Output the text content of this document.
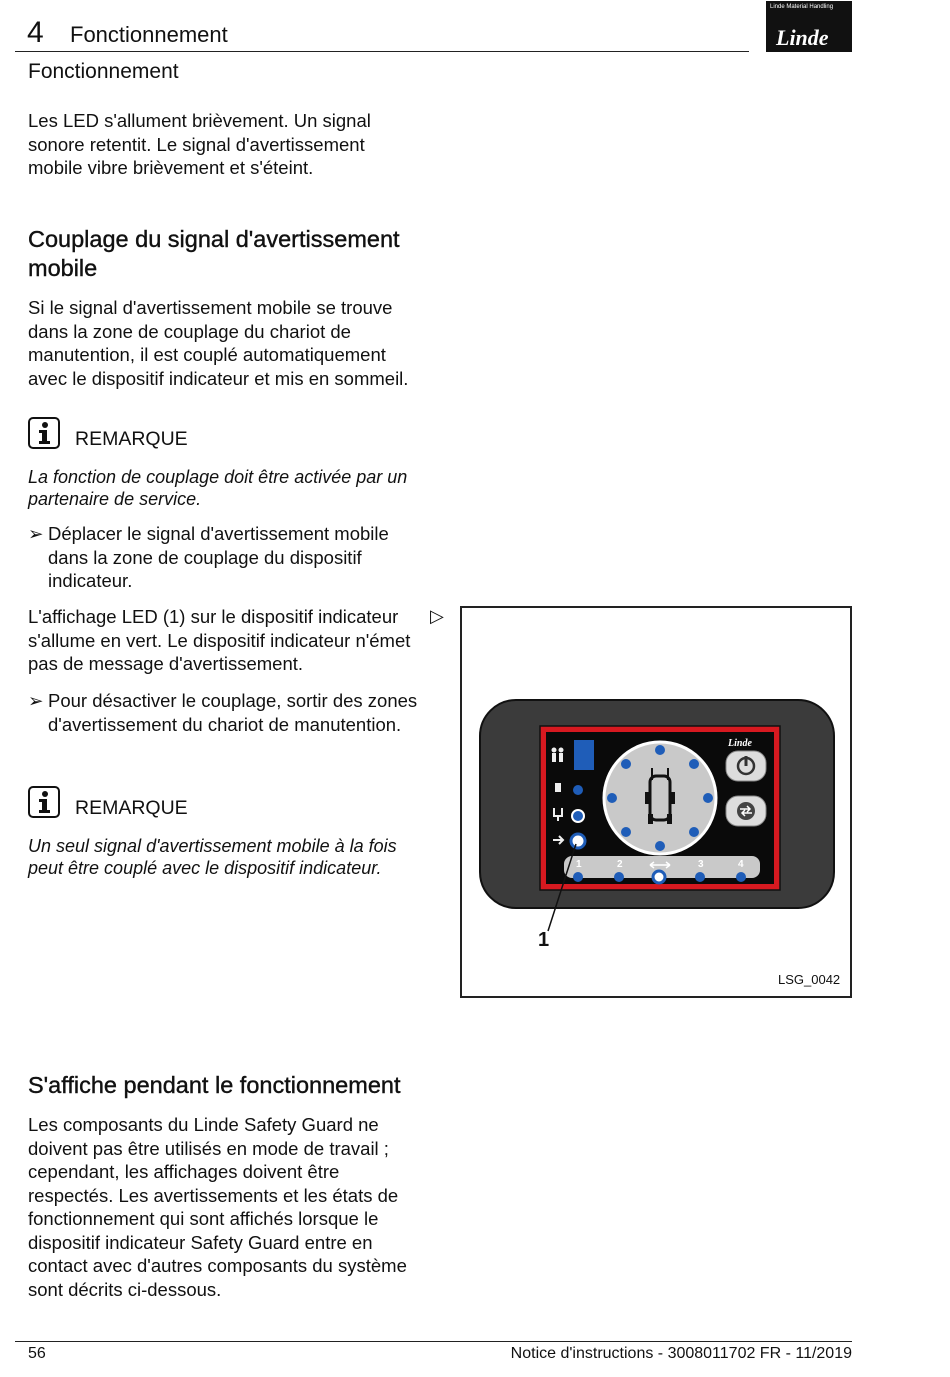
4 Fonctionnement
Linde Material Handling
Linde
Fonctionnement

Les LED s'allument brièvement. Un signal sonore retentit. Le signal d'avertissement mobile vibre brièvement et s'éteint.

Couplage du signal d'avertissement mobile

Si le signal d'avertissement mobile se trouve dans la zone de couplage du chariot de manutention, il est couplé automatiquement avec le dispositif indicateur et mis en sommeil.

REMARQUE

La fonction de couplage doit être activée par un partenaire de service.

➢ Déplacer le signal d'avertissement mobile dans la zone de couplage du dispositif indicateur.

L'affichage LED (1) sur le dispositif indicateur s'allume en vert. Le dispositif indicateur n'émet pas de message d'avertissement.

▷
➢ Pour désactiver le couplage, sortir des zones d'avertissement du chariot de manutention.
REMARQUE

Un seul signal d'avertissement mobile à la fois peut être couplé avec le dispositif indicateur.	1	2	3	4
Linde
1
LSG_0042
S'affiche pendant le fonctionnement

Les composants du Linde Safety Guard ne doivent pas être utilisés en mode de travail ; cependant, les affichages doivent être respectés. Les avertissements et les états de fonctionnement qui sont affichés lorsque le dispositif indicateur Safety Guard entre en contact avec d'autres composants du système sont décrits ci-dessous.

56	Notice d'instructions - 3008011702 FR - 11/2019
